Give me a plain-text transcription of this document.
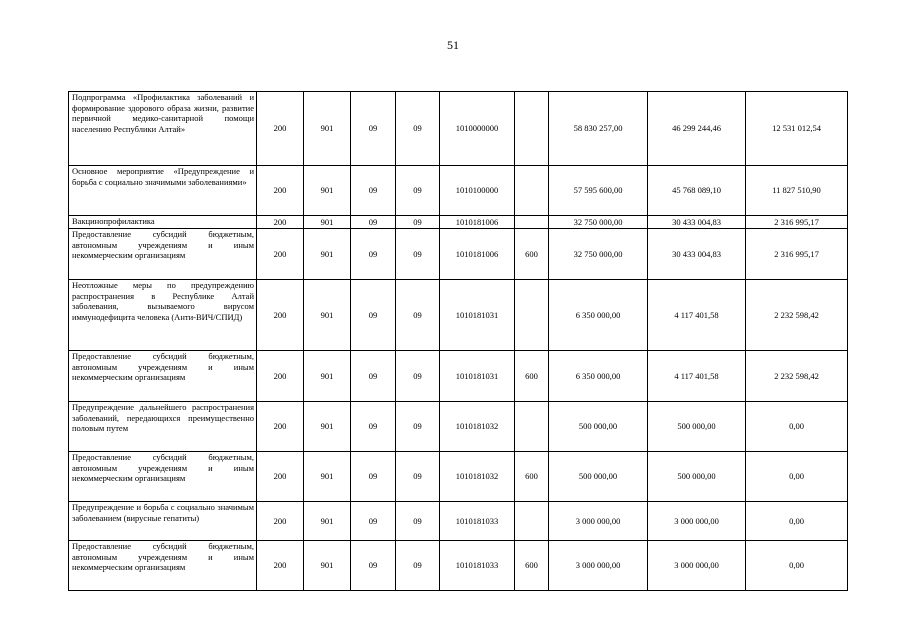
51
Подпрограмма «Профилактика заболеваний и формирование здорового образа жизни, развитие первичной медико-санитарной помощи населению Республики Алтай»	200	901	09	09	1010000000		58 830 257,00	46 299 244,46	12 531 012,54
Основное мероприятие «Предупреждение и борьба с социально значимыми заболеваниями»	200	901	09	09	1010100000		57 595 600,00	45 768 089,10	11 827 510,90
Вакцинопрофилактика	200	901	09	09	1010181006		32 750 000,00	30 433 004,83	2 316 995,17
Предоставление субсидий бюджетным, автономным учреждениям и иным некоммерческим организациям	200	901	09	09	1010181006	600	32 750 000,00	30 433 004,83	2 316 995,17
Неотложные меры по предупреждению распространения в Республике Алтай заболевания, вызываемого вирусом иммунодефицита человека (Анти-ВИЧ/СПИД)	200	901	09	09	1010181031		6 350 000,00	4 117 401,58	2 232 598,42
Предоставление субсидий бюджетным, автономным учреждениям и иным некоммерческим организациям	200	901	09	09	1010181031	600	6 350 000,00	4 117 401,58	2 232 598,42
Предупреждение дальнейшего распространения заболеваний, передающихся преимущественно половым путем	200	901	09	09	1010181032		500 000,00	500 000,00	0,00
Предоставление субсидий бюджетным, автономным учреждениям и иным некоммерческим организациям	200	901	09	09	1010181032	600	500 000,00	500 000,00	0,00
Предупреждение и борьба с социально значимым заболеванием (вирусные гепатиты)	200	901	09	09	1010181033		3 000 000,00	3 000 000,00	0,00
Предоставление субсидий бюджетным, автономным учреждениям и иным некоммерческим организациям	200	901	09	09	1010181033	600	3 000 000,00	3 000 000,00	0,00
